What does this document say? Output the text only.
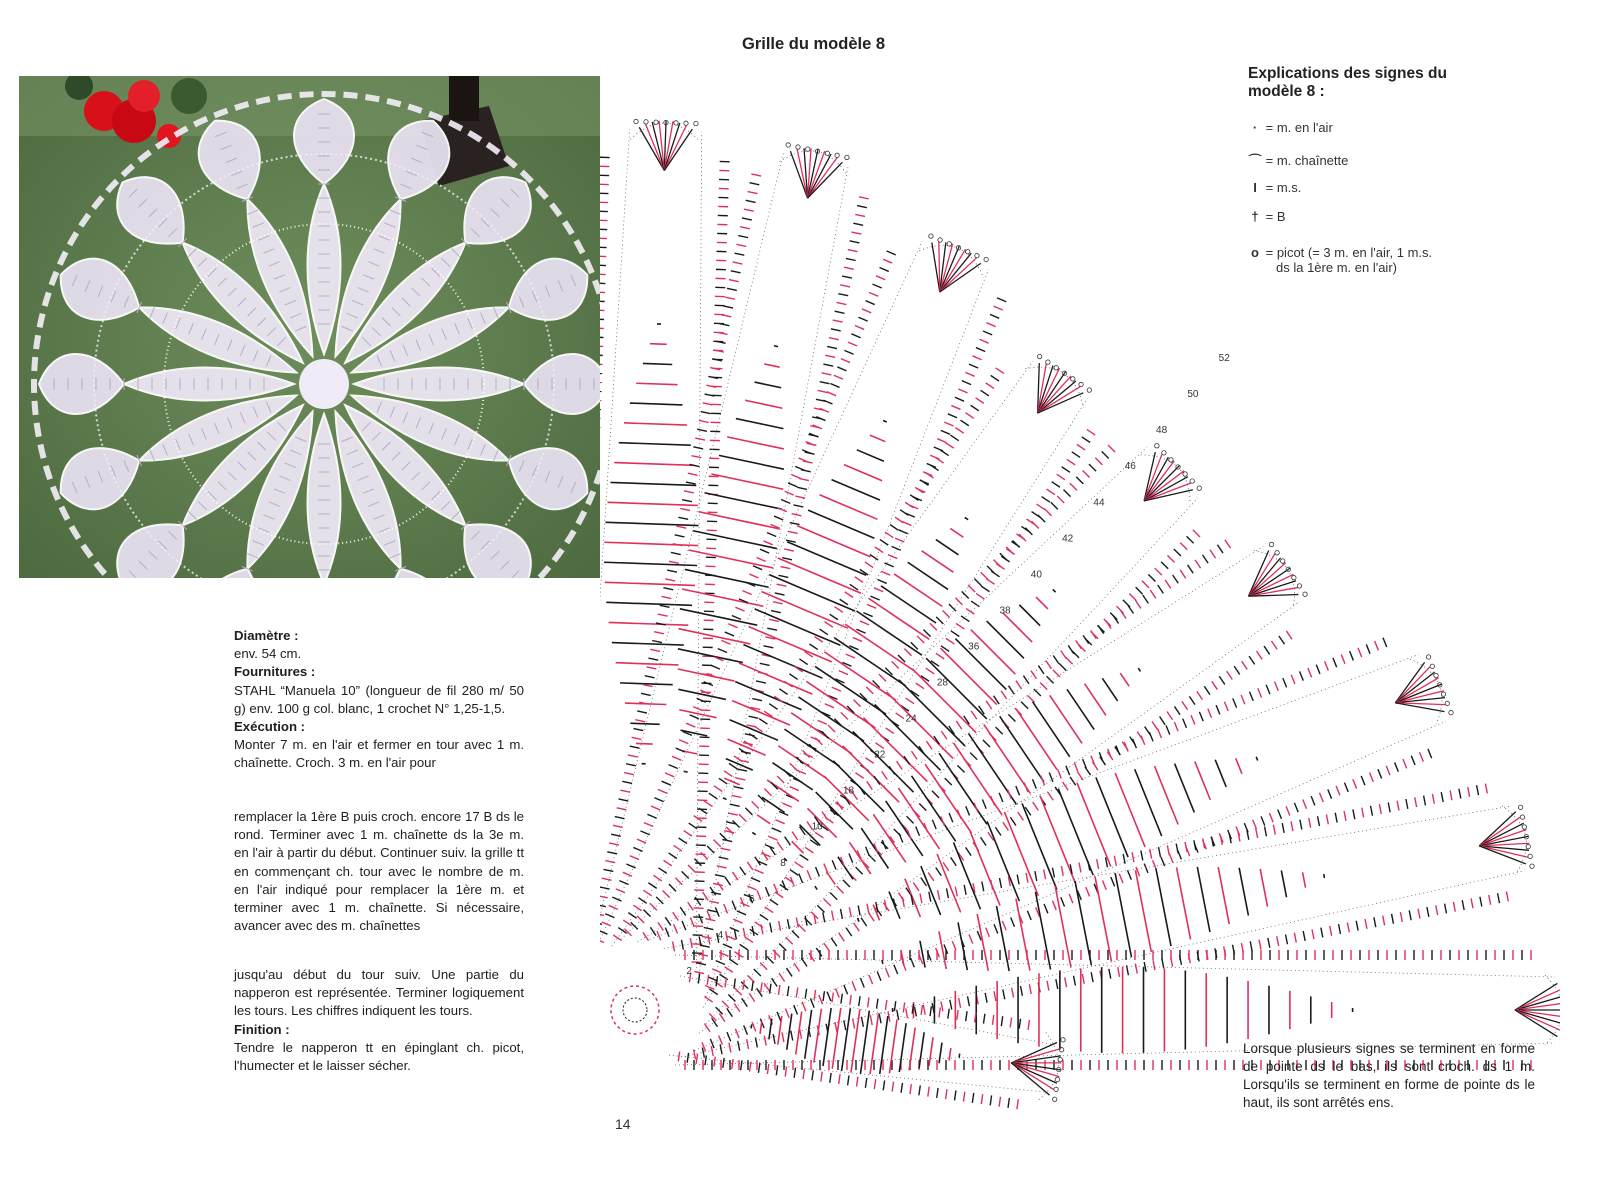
Diamètre :
env. 54 cm.
Fournitures :
STAHL “Manuela 10” (longueur de fil 280 m/ 50 g) env. 100 g col. blanc, 1 crochet N° 1,25-1,5.
Exécution :
Monter 7 m. en l'air et fermer en tour avec 1 m. chaînette. Croch. 3 m. en l'air pour
remplacer la 1ère B puis croch. encore 17 B ds le rond. Terminer avec 1 m. chaînette ds la 3e m. en l'air à partir du début. Continuer suiv. la grille tt en commençant ch. tour avec le nombre de m. en l'air indiqué pour remplacer la 1ère m. et terminer avec 1 m. chaînette. Si nécessaire, avancer avec des m. chaînettes
jusqu'au début du tour suiv. Une partie du napperon est représentée. Terminer logiquement les tours. Les chiffres indiquent les tours.
Finition :
Tendre le napperon tt en épinglant ch. picot, l'humecter et le laisser sécher.
Grille du modèle 8
2
4
6
8
10
18
22
24
28
36
38
40
42
44
46
48
50
52
Explications des signes du modèle 8 :
· = m. en l'air
⌒ = m. chaînette
I = m.s.
† = B
o = picot (= 3 m. en l'air, 1 m.s.
ds la 1ère m. en l'air)
Lorsque plusieurs signes se terminent en forme de pointe ds le bas, ils sont croch. ds 1 m. Lorsqu'ils se terminent en forme de pointe ds le haut, ils sont arrêtés ens.
14
